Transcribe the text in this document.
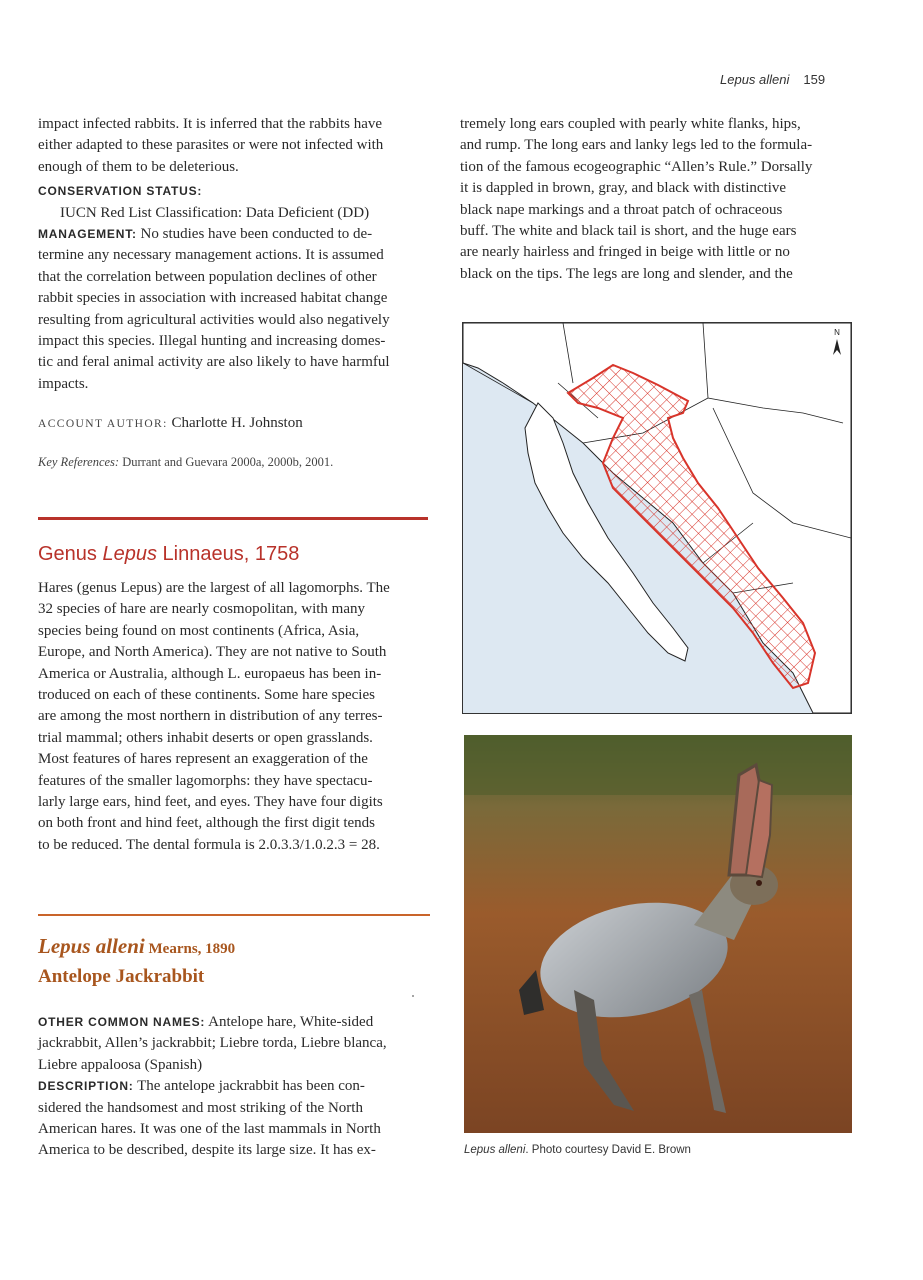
Lepus alleni 159
impact infected rabbits. It is inferred that the rabbits have
either adapted to these parasites or were not infected with
enough of them to be deleterious.
CONSERVATION STATUS:
IUCN Red List Classification: Data Deficient (DD)
MANAGEMENT: No studies have been conducted to de-
termine any necessary management actions. It is assumed
that the correlation between population declines of other
rabbit species in association with increased habitat change
resulting from agricultural activities would also negatively
impact this species. Illegal hunting and increasing domes-
tic and feral animal activity are also likely to have harmful
impacts.
ACCOUNT AUTHOR: Charlotte H. Johnston
Key References: Durrant and Guevara 2000a, 2000b, 2001.
Genus Lepus Linnaeus, 1758
Hares (genus Lepus) are the largest of all lagomorphs. The
32 species of hare are nearly cosmopolitan, with many
species being found on most continents (Africa, Asia,
Europe, and North America). They are not native to South
America or Australia, although L. europaeus has been in-
troduced on each of these continents. Some hare species
are among the most northern in distribution of any terres-
trial mammal; others inhabit deserts or open grasslands.
Most features of hares represent an exaggeration of the
features of the smaller lagomorphs: they have spectacu-
larly large ears, hind feet, and eyes. They have four digits
on both front and hind feet, although the first digit tends
to be reduced. The dental formula is 2.0.3.3/1.0.2.3 = 28.
Lepus alleni Mearns, 1890
Antelope Jackrabbit
OTHER COMMON NAMES: Antelope hare, White-sided
jackrabbit, Allen’s jackrabbit; Liebre torda, Liebre blanca,
Liebre appaloosa (Spanish)
DESCRIPTION: The antelope jackrabbit has been con-
sidered the handsomest and most striking of the North
American hares. It was one of the last mammals in North
America to be described, despite its large size. It has ex-
tremely long ears coupled with pearly white flanks, hips,
and rump. The long ears and lanky legs led to the formula-
tion of the famous ecogeographic “Allen’s Rule.” Dorsally
it is dappled in brown, gray, and black with distinctive
black nape markings and a throat patch of ochraceous
buff. The white and black tail is short, and the huge ears
are nearly hairless and fringed in beige with little or no
black on the tips. The legs are long and slender, and the
N
Lepus alleni. Photo courtesy David E. Brown
